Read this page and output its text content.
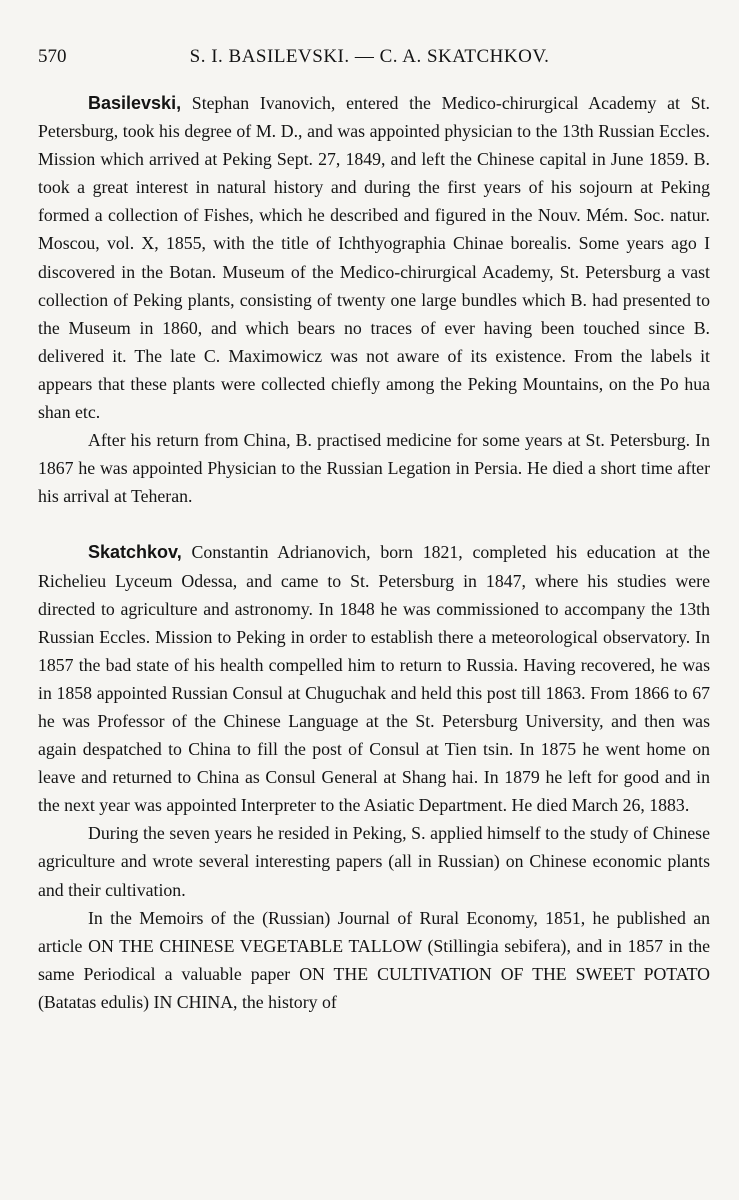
570	S. I. BASILEVSKI. — C. A. SKATCHKOV.

Basilevski, Stephan Ivanovich, entered the Medico-chirurgical Academy at St. Petersburg, took his degree of M. D., and was appointed physician to the 13th Russian Eccles. Mission which arrived at Peking Sept. 27, 1849, and left the Chinese capital in June 1859. B. took a great interest in natural history and during the first years of his sojourn at Peking formed a collection of Fishes, which he described and figured in the Nouv. Mém. Soc. natur. Moscou, vol. X, 1855, with the title of Ichthyographia Chinae borealis. Some years ago I discovered in the Botan. Museum of the Medico-chirurgical Academy, St. Petersburg a vast collection of Peking plants, consisting of twenty one large bundles which B. had presented to the Museum in 1860, and which bears no traces of ever having been touched since B. delivered it. The late C. Maximowicz was not aware of its existence. From the labels it appears that these plants were collected chiefly among the Peking Mountains, on the Po hua shan etc.

After his return from China, B. practised medicine for some years at St. Petersburg. In 1867 he was appointed Physician to the Russian Legation in Persia. He died a short time after his arrival at Teheran.

Skatchkov, Constantin Adrianovich, born 1821, completed his education at the Richelieu Lyceum Odessa, and came to St. Petersburg in 1847, where his studies were directed to agriculture and astronomy. In 1848 he was commissioned to accompany the 13th Russian Eccles. Mission to Peking in order to establish there a meteorological observatory. In 1857 the bad state of his health compelled him to return to Russia. Having recovered, he was in 1858 appointed Russian Consul at Chuguchak and held this post till 1863. From 1866 to 67 he was Professor of the Chinese Language at the St. Petersburg University, and then was again despatched to China to fill the post of Consul at Tien tsin. In 1875 he went home on leave and returned to China as Consul General at Shang hai. In 1879 he left for good and in the next year was appointed Interpreter to the Asiatic Department. He died March 26, 1883.

During the seven years he resided in Peking, S. applied himself to the study of Chinese agriculture and wrote several interesting papers (all in Russian) on Chinese economic plants and their cultivation.

In the Memoirs of the (Russian) Journal of Rural Economy, 1851, he published an article ON THE CHINESE VEGETABLE TALLOW (Stillingia sebifera), and in 1857 in the same Periodical a valuable paper ON THE CULTIVATION OF THE SWEET POTATO (Batatas edulis) IN CHINA, the history of
